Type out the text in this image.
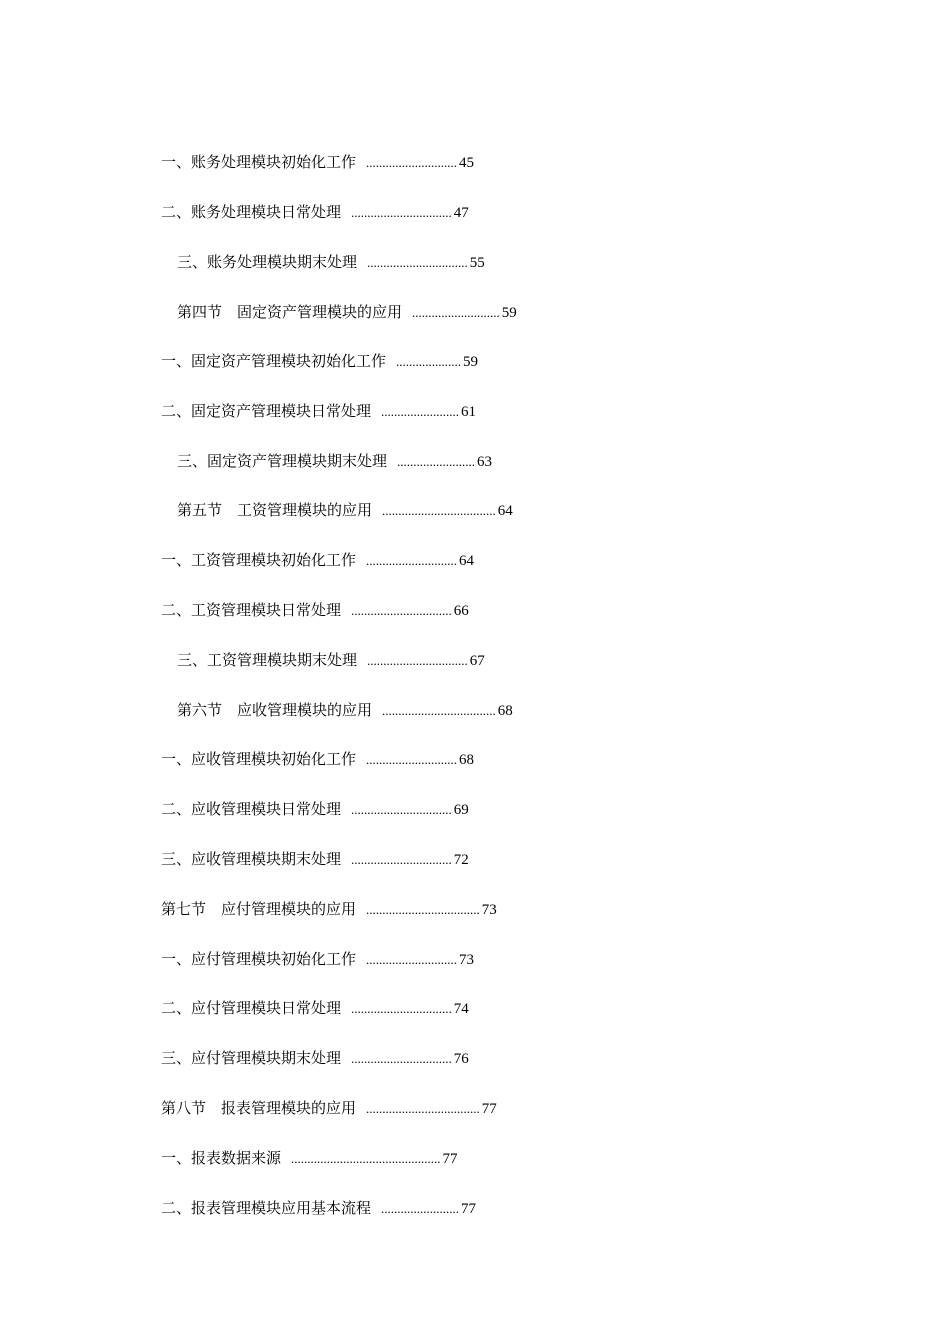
一、账务处理模块初始化工作 ............................ 45
二、账务处理模块日常处理 ............................... 47
三、账务处理模块期末处理 ............................... 55
第四节　固定资产管理模块的应用 ........................... 59
一、固定资产管理模块初始化工作 .................... 59
二、固定资产管理模块日常处理 ........................ 61
三、固定资产管理模块期末处理 ........................ 63
第五节　工资管理模块的应用 ................................... 64
一、工资管理模块初始化工作 ............................ 64
二、工资管理模块日常处理 ............................... 66
三、工资管理模块期末处理 ............................... 67
第六节　应收管理模块的应用 ................................... 68
一、应收管理模块初始化工作 ............................ 68
二、应收管理模块日常处理 ............................... 69
三、应收管理模块期末处理 ............................... 72
第七节　应付管理模块的应用 ................................... 73
一、应付管理模块初始化工作 ............................ 73
二、应付管理模块日常处理 ............................... 74
三、应付管理模块期末处理 ............................... 76
第八节　报表管理模块的应用 ................................... 77
一、报表数据来源 .............................................. 77
二、报表管理模块应用基本流程 ........................ 77
